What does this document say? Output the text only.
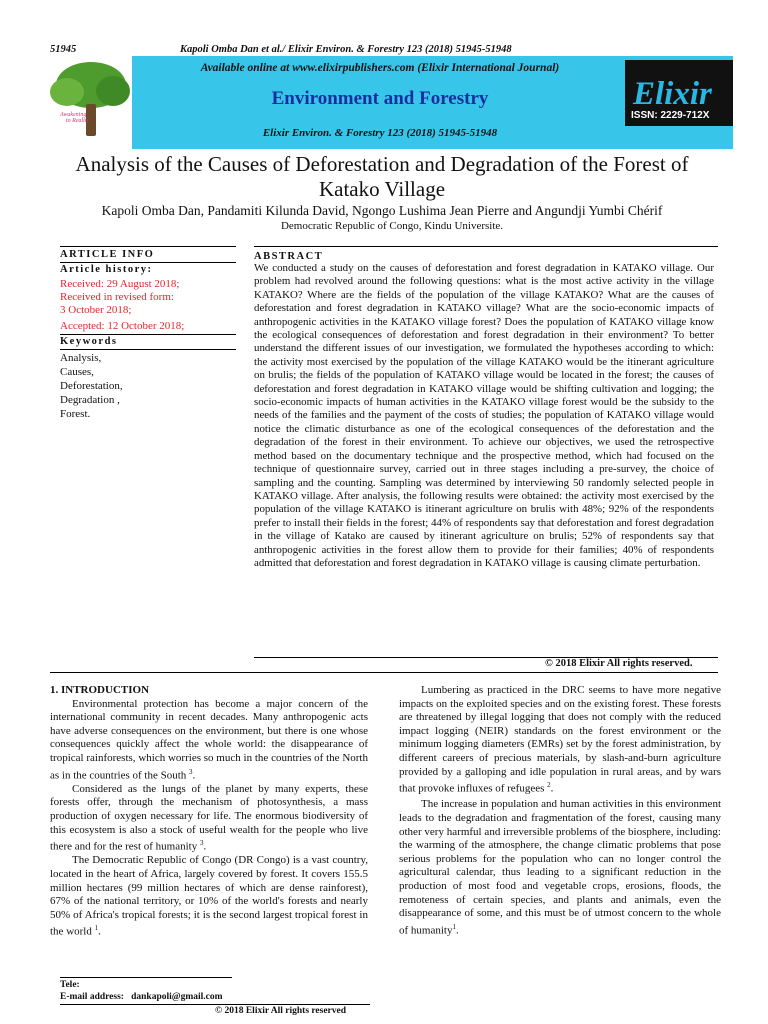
51945	Kapoli Omba Dan et al./ Elixir Environ. & Forestry 123 (2018) 51945-51948
Awakening
to Reality
Available online at www.elixirpublishers.com (Elixir International Journal)
Environment and Forestry
Elixir Environ. & Forestry 123 (2018) 51945-51948
Elixir
ISSN: 2229-712X
Analysis of the Causes of Deforestation and Degradation of the Forest of Katako Village
Kapoli Omba Dan, Pandamiti Kilunda David, Ngongo Lushima Jean Pierre and Angundji Yumbi Chérif
Democratic Republic of Congo, Kindu Universite.
ARTICLE INFO
Article history:
Received: 29 August 2018;
Received in revised form:
3 October 2018;
Accepted: 12 October 2018;
Keywords
Analysis,
Causes,
Deforestation,
Degradation ,
Forest.
ABSTRACT

We conducted a study on the causes of deforestation and forest degradation in KATAKO village. Our problem had revolved around the following questions: what is the most active activity in the village KATAKO? Where are the fields of the population of the village KATAKO? What are the causes of deforestation and forest degradation in KATAKO village? What are the socio-economic impacts of anthropogenic activities in the KATAKO village forest? Does the population of KATAKO village know the ecological consequences of deforestation and forest degradation in their environment? To better understand the different issues of our investigation, we formulated the hypotheses according to which: the activity most exercised by the population of the village KATAKO would be the itinerant agriculture on brulis; the fields of the population of KATAKO village would be located in the forest; the causes of deforestation and forest degradation in KATAKO village would be shifting cultivation and logging; the socio-economic impacts of human activities in the KATAKO village forest would be the subsidy to the needs of the families and the payment of the costs of studies; the population of KATAKO village would notice the climatic disturbance as one of the ecological consequences of the deforestation and the degradation of the forest in their environment. To achieve our objectives, we used the retrospective method based on the documentary technique and the prospective method, which had focused on the technique of questionnaire survey, carried out in three stages including a pre-survey, the choice of sampling and the counting. Sampling was determined by interviewing 50 randomly selected people in KATAKO village. After analysis, the following results were obtained: the activity most exercised by the population of the village KATAKO is itinerant agriculture on brulis with 48%; 92% of the respondents prefer to install their fields in the forest; 44% of respondents say that deforestation and forest degradation in the village of Katako are caused by itinerant agriculture on brulis; 52% of respondents say that anthropogenic activities in the forest allow them to provide for their families; 40% of respondents admitted that deforestation and forest degradation in KATAKO village is causing climate perturbation.

© 2018 Elixir All rights reserved.
1. INTRODUCTION

Environmental protection has become a major concern of the international community in recent decades. Many anthropogenic acts have adverse consequences on the environment, but there is one whose consequences quickly affect the whole world: the disappearance of tropical rainforests, which worries so much in the countries of the North as in the countries of the South $^3$.

Considered as the lungs of the planet by many experts, these forests offer, through the mechanism of photosynthesis, a mass production of oxygen necessary for life. The enormous biodiversity of this ecosystem is also a stock of useful wealth for the people who live there and for the rest of humanity $^3$.

The Democratic Republic of Congo (DR Congo) is a vast country, located in the heart of Africa, largely covered by forest. It covers 155.5 million hectares (99 million hectares of which are dense rainforest), 67% of the national territory, or 10% of the world's forests and nearly 50% of Africa's tropical forests; it is the second largest tropical forest in the world $^1$.

Lumbering as practiced in the DRC seems to have more negative impacts on the exploited species and on the existing forest. These forests are threatened by illegal logging that does not comply with the reduced impact logging (NEIR) standards on the forest environment or the minimum logging diameters (EMRs) set by the forest administration, by different careers of precious materials, by slash-and-burn agriculture provided by a galloping and idle population in rural areas, and by wars that provoke influxes of refugees $^2$.

The increase in population and human activities in this environment leads to the degradation and fragmentation of the forest, causing many other very harmful and irreversible problems of the biosphere, including: the warming of the atmosphere, the change climatic problems that pose serious problems for the population who can no longer control the agricultural calendar, thus leading to a significant reduction in the production of most food and vegetable crops, erosions, floods, the remoteness of certain species, and plants and animals, even the disappearance of some, and this must be of utmost concern to the whole of humanity$^1$.

Tele:
E-mail address: dankapoli@gmail.com
© 2018 Elixir All rights reserved
